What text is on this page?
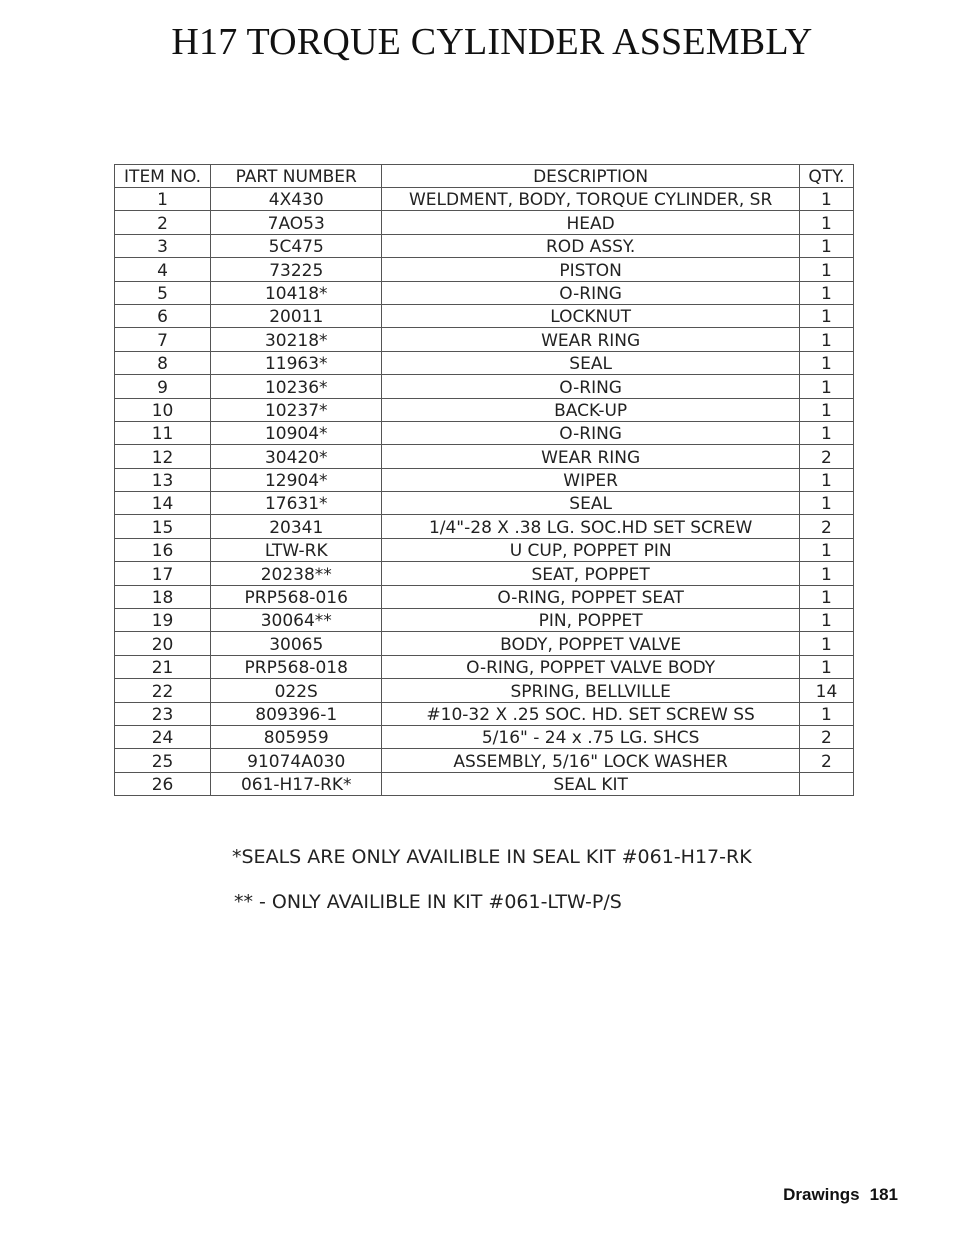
H17 TORQUE CYLINDER ASSEMBLY
ITEM NO.	PART NUMBER	DESCRIPTION	QTY.
1	4X430	WELDMENT, BODY, TORQUE CYLINDER, SR	1
2	7AO53	HEAD	1
3	5C475	ROD ASSY.	1
4	73225	PISTON	1
5	10418*	O-RING	1
6	20011	LOCKNUT	1
7	30218*	WEAR RING	1
8	11963*	SEAL	1
9	10236*	O-RING	1
10	10237*	BACK-UP	1
11	10904*	O-RING	1
12	30420*	WEAR RING	2
13	12904*	WIPER	1
14	17631*	SEAL	1
15	20341	1/4"-28 X .38 LG. SOC.HD SET SCREW	2
16	LTW-RK	U CUP, POPPET PIN	1
17	20238**	SEAT, POPPET	1
18	PRP568-016	O-RING, POPPET SEAT	1
19	30064**	PIN, POPPET	1
20	30065	BODY, POPPET VALVE	1
21	PRP568-018	O-RING, POPPET VALVE BODY	1
22	022S	SPRING, BELLVILLE	14
23	809396-1	#10-32 X .25 SOC. HD. SET SCREW SS	1
24	805959	5/16" - 24 x .75 LG. SHCS	2
25	91074A030	ASSEMBLY, 5/16" LOCK WASHER	2
26	061-H17-RK*	SEAL KIT	
*SEALS ARE ONLY AVAILIBLE IN SEAL KIT #061-H17-RK
** - ONLY AVAILIBLE IN KIT #061-LTW-P/S
Drawings 181
